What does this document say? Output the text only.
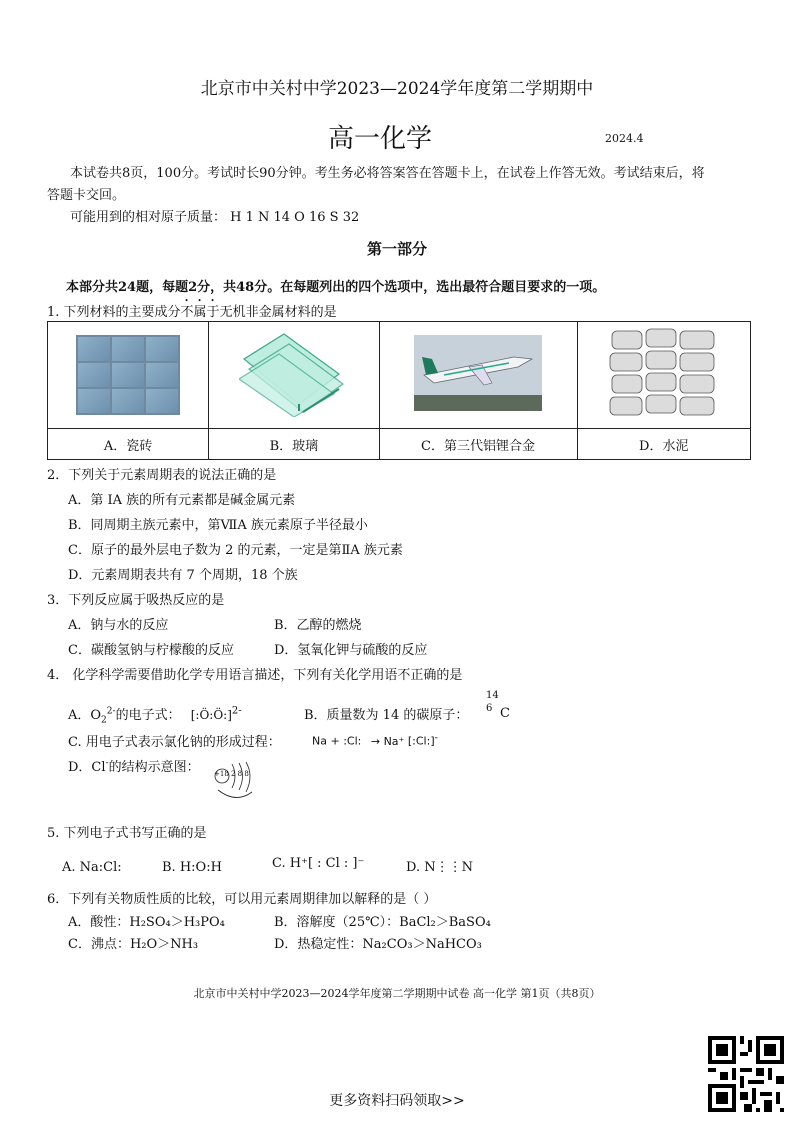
北京市中关村中学2023—2024学年度第二学期期中
高一化学	2024.4
本试卷共8页，100分。考试时长90分钟。考生务必将答案答在答题卡上，在试卷上作答无效。考试结束后，将
答题卡交回。
可能用到的相对原子质量： H 1 N 14 O 16 S 32
第一部分
本部分共24题，每题2分，共48分。在每题列出的四个选项中，选出最符合题目要求的一项。
1. 下列材料的主要成分不属于无机非金属材料的是

A．瓷砖	B．玻璃	C．第三代铝锂合金	D．水泥
2．下列关于元素周期表的说法正确的是
A．第 IA 族的所有元素都是碱金属元素
B．同周期主族元素中，第ⅦA 族元素原子半径最小
C．原子的最外层电子数为 2 的元素，一定是第ⅡA 族元素
D．元素周期表共有 7 个周期，18 个族
3．下列反应属于吸热反应的是
A．钠与水的反应	B．乙醇的燃烧
C．碳酸氢钠与柠檬酸的反应	D．氢氧化钾与硫酸的反应
4． 化学科学需要借助化学专用语言描述，下列有关化学用语不正确的是
A．$O_2^{2-}$的电子式： [:Ö:Ö:]$^{2-}$	B．质量数为 14 的碳原子：
14
6 C
C. 用电子式表示氯化钠的形成过程：	Na + :Cl: → Na⁺ [:Cl:]-
D．Cl-的结构示意图： +18 2 8 8
5. 下列电子式书写正确的是
A. Na:Cl:	B. H:O:H	C. H⁺[ : Cl : ]⁻	D. N⋮⋮N
6．下列有关物质性质的比较，可以用元素周期律加以解释的是（ ）
A．酸性：H₂SO₄＞H₃PO₄	B．溶解度（25℃）：BaCl₂＞BaSO₄
C．沸点：H₂O＞NH₃	D．热稳定性：Na₂CO₃＞NaHCO₃
北京市中关村中学2023—2024学年度第二学期期中试卷 高一化学 第1页（共8页）
更多资料扫码领取>>
